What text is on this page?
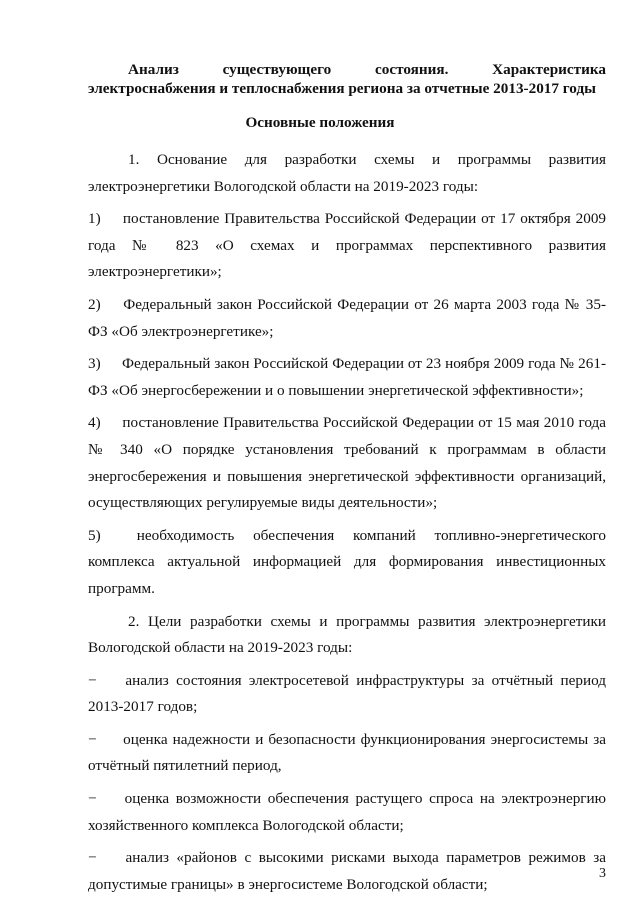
Анализ	существующего	состояния.	Характеристика
электроснабжения и теплоснабжения региона за отчетные 2013-2017 годы
Основные положения

1. Основание для разработки схемы и программы развития электроэнергетики Вологодской области на 2019-2023 годы:

1) постановление Правительства Российской Федерации от 17 октября 2009 года № 823 «О схемах и программах перспективного развития электроэнергетики»;

2) Федеральный закон Российской Федерации от 26 марта 2003 года № 35-ФЗ «Об электроэнергетике»;

3) Федеральный закон Российской Федерации от 23 ноября 2009 года № 261-ФЗ «Об энергосбережении и о повышении энергетической эффективности»;

4) постановление Правительства Российской Федерации от 15 мая 2010 года № 340 «О порядке установления требований к программам в области энергосбережения и повышения энергетической эффективности организаций, осуществляющих регулируемые виды деятельности»;

5) необходимость обеспечения компаний топливно-энергетического комплекса актуальной информацией для формирования инвестиционных программ.

2. Цели разработки схемы и программы развития электроэнергетики Вологодской области на 2019-2023 годы:

− анализ состояния электросетевой инфраструктуры за отчётный период 2013-2017 годов;

− оценка надежности и безопасности функционирования энергосистемы за отчётный пятилетний период,

− оценка возможности обеспечения растущего спроса на электроэнергию хозяйственного комплекса Вологодской области;

− анализ «районов с высокими рисками выхода параметров режимов за допустимые границы» в энергосистеме Вологодской области;

3
